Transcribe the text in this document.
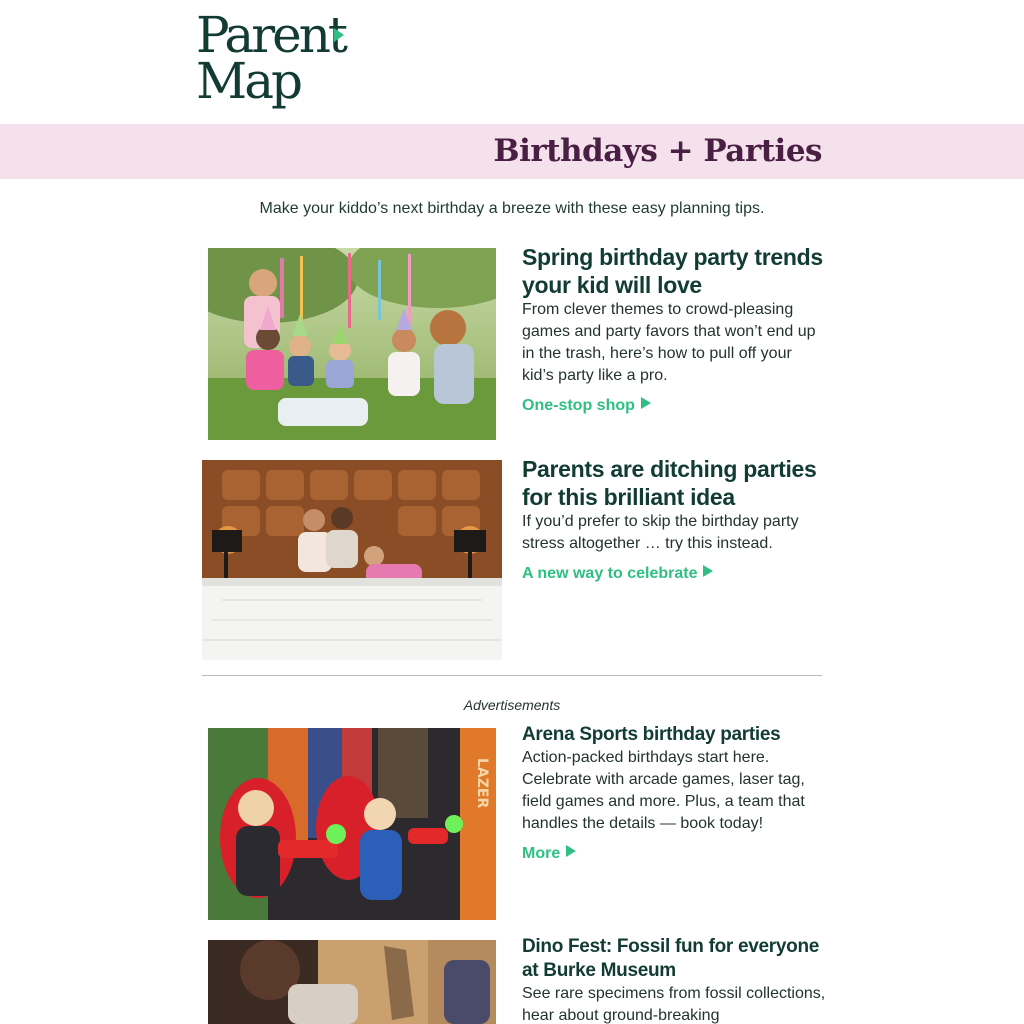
Parent
Map
Birthdays + Parties
Make your kiddo’s next birthday a breeze with these easy planning tips.
Spring birthday party trends your kid will love
From clever themes to crowd-pleasing games and party favors that won’t end up in the trash, here’s how to pull off your kid’s party like a pro.
One-stop shop
Parents are ditching parties for this brilliant idea
If you’d prefer to skip the birthday party stress altogether … try this instead.
A new way to celebrate
Advertisements
LAZER
Arena Sports birthday parties
Action-packed birthdays start here. Celebrate with arcade games, laser tag, field games and more. Plus, a team that handles the details — book today!
More
Dino Fest: Fossil fun for everyone at Burke Museum
See rare specimens from fossil collections, hear about ground-breaking
